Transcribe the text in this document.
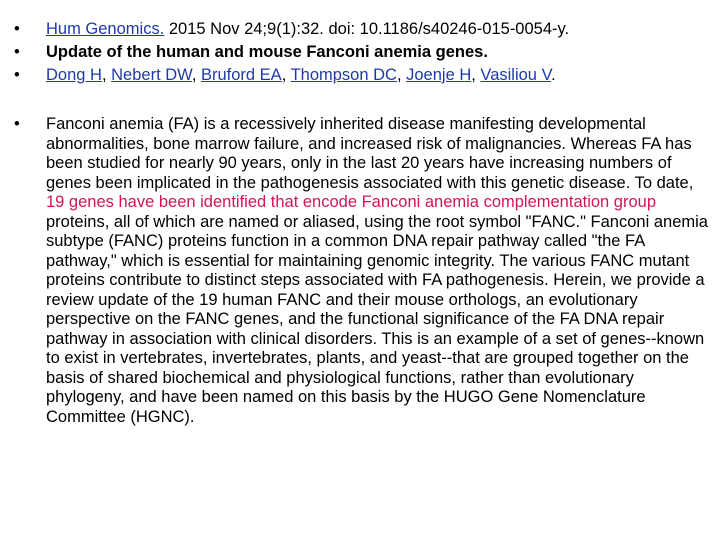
• Hum Genomics. 2015 Nov 24;9(1):32. doi: 10.1186/s40246-015-0054-y.
• Update of the human and mouse Fanconi anemia genes.
• Dong H, Nebert DW, Bruford EA, Thompson DC, Joenje H, Vasiliou V.
• Fanconi anemia (FA) is a recessively inherited disease manifesting developmental abnormalities, bone marrow failure, and increased risk of malignancies. Whereas FA has been studied for nearly 90 years, only in the last 20 years have increasing numbers of genes been implicated in the pathogenesis associated with this genetic disease. To date, 19 genes have been identified that encode Fanconi anemia complementation group proteins, all of which are named or aliased, using the root symbol "FANC." Fanconi anemia subtype (FANC) proteins function in a common DNA repair pathway called "the FA pathway," which is essential for maintaining genomic integrity. The various FANC mutant proteins contribute to distinct steps associated with FA pathogenesis. Herein, we provide a review update of the 19 human FANC and their mouse orthologs, an evolutionary perspective on the FANC genes, and the functional significance of the FA DNA repair pathway in association with clinical disorders. This is an example of a set of genes--known to exist in vertebrates, invertebrates, plants, and yeast--that are grouped together on the basis of shared biochemical and physiological functions, rather than evolutionary phylogeny, and have been named on this basis by the HUGO Gene Nomenclature Committee (HGNC).
